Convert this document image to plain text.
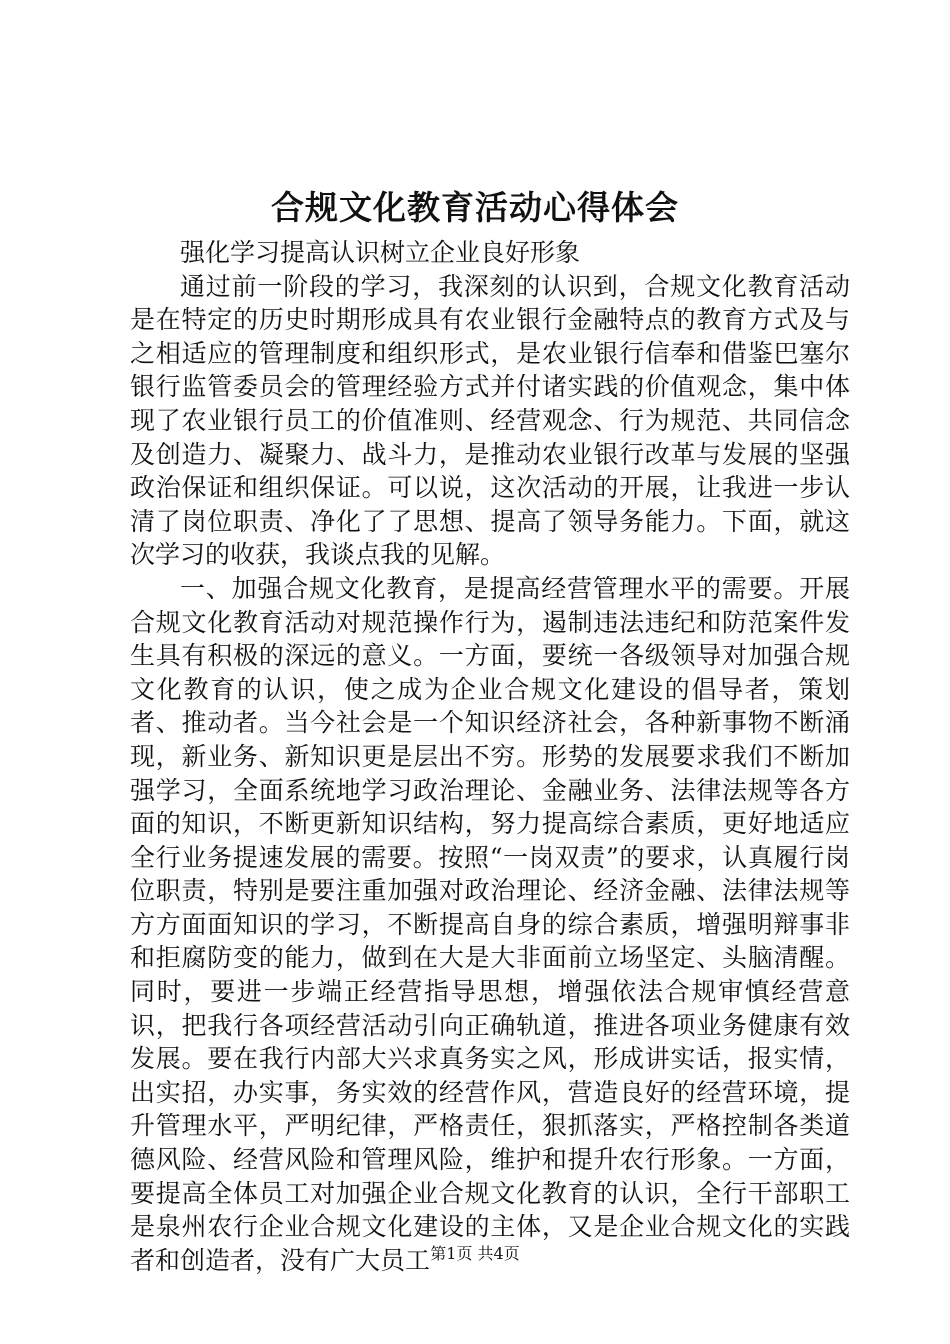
合规文化教育活动心得体会

强化学习提高认识树立企业良好形象

通过前一阶段的学习，我深刻的认识到，合规文化教育活动是在特定的历史时期形成具有农业银行金融特点的教育方式及与之相适应的管理制度和组织形式，是农业银行信奉和借鉴巴塞尔银行监管委员会的管理经验方式并付诸实践的价值观念，集中体现了农业银行员工的价值准则、经营观念、行为规范、共同信念及创造力、凝聚力、战斗力，是推动农业银行改革与发展的坚强政治保证和组织保证。可以说，这次活动的开展，让我进一步认清了岗位职责、净化了了思想、提高了领导务能力。下面，就这次学习的收获，我谈点我的见解。

一、加强合规文化教育，是提高经营管理水平的需要。开展合规文化教育活动对规范操作行为，遏制违法违纪和防范案件发生具有积极的深远的意义。一方面，要统一各级领导对加强合规文化教育的认识，使之成为企业合规文化建设的倡导者，策划者、推动者。当今社会是一个知识经济社会，各种新事物不断涌现，新业务、新知识更是层出不穷。形势的发展要求我们不断加强学习，全面系统地学习政治理论、金融业务、法律法规等各方面的知识，不断更新知识结构，努力提高综合素质，更好地适应全行业务提速发展的需要。按照“一岗双责”的要求，认真履行岗位职责，特别是要注重加强对政治理论、经济金融、法律法规等方方面面知识的学习，不断提高自身的综合素质，增强明辩事非和拒腐防变的能力，做到在大是大非面前立场坚定、头脑清醒。同时，要进一步端正经营指导思想，增强依法合规审慎经营意识，把我行各项经营活动引向正确轨道，推进各项业务健康有效发展。要在我行内部大兴求真务实之风，形成讲实话，报实情，出实招，办实事，务实效的经营作风，营造良好的经营环境，提升管理水平，严明纪律，严格责任，狠抓落实，严格控制各类道德风险、经营风险和管理风险，维护和提升农行形象。一方面，要提高全体员工对加强企业合规文化教育的认识，全行干部职工是泉州农行企业合规文化建设的主体，又是企业合规文化的实践者和创造者，没有广大员工 第1页 共4页
